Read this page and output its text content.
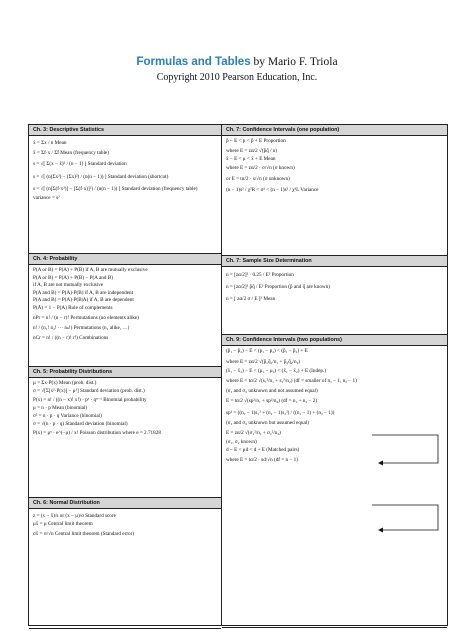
Formulas and Tables by Mario F. Triola
Copyright 2010 Pearson Education, Inc.
Ch. 3: Descriptive Statistics
x̄ = Σx / n Mean
x̄ = Σf·x / Σf Mean (frequency table)
s = √[ Σ(x − x̄)² / (n − 1) ] Standard deviation
s = √[ (n(Σx²) − (Σx)²) / (n(n − 1)) ] Standard deviation (shortcut)
s = √[ (n[Σ(f·x²)] − [Σ(f·x)]²) / (n(n − 1)) ] Standard deviation (frequency table)
variance = s²
Ch. 4: Probability
P(A or B) = P(A) + P(B) if A, B are mutually exclusive
P(A or B) = P(A) + P(B) − P(A and B)
if A, B are not mutually exclusive
P(A and B) = P(A)·P(B) if A, B are independent
P(A and B) = P(A)·P(B|A) if A, B are dependent
P(Ā) = 1 − P(A) Rule of complements
nPr = n! / (n − r)! Permutations (no elements alike)
n! / (n₁! n₂! ··· nₖ!) Permutations (n₁ alike, …)
nCr = n! / ((n − r)! r!) Combinations
Ch. 5: Probability Distributions
μ = Σx·P(x) Mean (prob. dist.)
σ = √[Σ[x²·P(x)] − μ²] Standard deviation (prob. dist.)
P(x) = n! / ((n − x)! x!) · pˣ · qⁿ⁻ˣ Binomial probability
μ = n · p Mean (binomial)
σ² = n · p · q Variance (binomial)
σ = √(n · p · q) Standard deviation (binomial)
P(x) = μˣ · e^(−μ) / x! Poisson distribution where e = 2.71828
Ch. 6: Normal Distribution
z = (x − x̄)/s or (x − μ)/σ Standard score
μx̄ = μ Central limit theorem
σx̄ = σ/√n Central limit theorem (Standard error)
Ch. 7: Confidence Intervals (one population)
p̂ − E < p < p̂ + E Proportion
where E = zα/2 √(p̂q̂ / n)
x̄ − E < μ < x̄ + E Mean
where E = zα/2 · σ/√n (σ known)
or E = tα/2 · s/√n (σ unknown)
(n − 1)s² / χ²R < σ² < (n − 1)s² / χ²L Variance
Ch. 7: Sample Size Determination
n = [zα/2]² · 0.25 / E² Proportion
n = [zα/2]² p̂q̂ / E² Proportion (p̂ and q̂ are known)
n = [ zα/2 σ / E ]² Mean
Ch. 9: Confidence Intervals (two populations)
(p̂₁ − p̂₂) − E < (p₁ − p₂) < (p̂₁ − p̂₂) + E
where E = zα/2 √(p̂₁q̂₁/n₁ + p̂₂q̂₂/n₂)
(x̄₁ − x̄₂) − E < (μ₁ − μ₂) < (x̄₁ − x̄₂) + E (Indep.)
where E = tα/2 √(s₁²/n₁ + s₂²/n₂) (df = smaller of n₁ − 1, n₂ − 1)
(σ₁ and σ₂ unknown and not assumed equal)
E = tα/2 √(sp²/n₁ + sp²/n₂) (df = n₁ + n₂ − 2)
sp² = ((n₁ − 1)s₁² + (n₂ − 1)s₂²) / ((n₁ − 1) + (n₂ − 1))
(σ₁ and σ₂ unknown but assumed equal)
E = zα/2 √(σ₁²/n₁ + σ₂²/n₂)
(σ₁, σ₂ known)
d̄ − E < μd < d̄ + E (Matched pairs)
where E = tα/2 · sd/√n (df = n − 1)
